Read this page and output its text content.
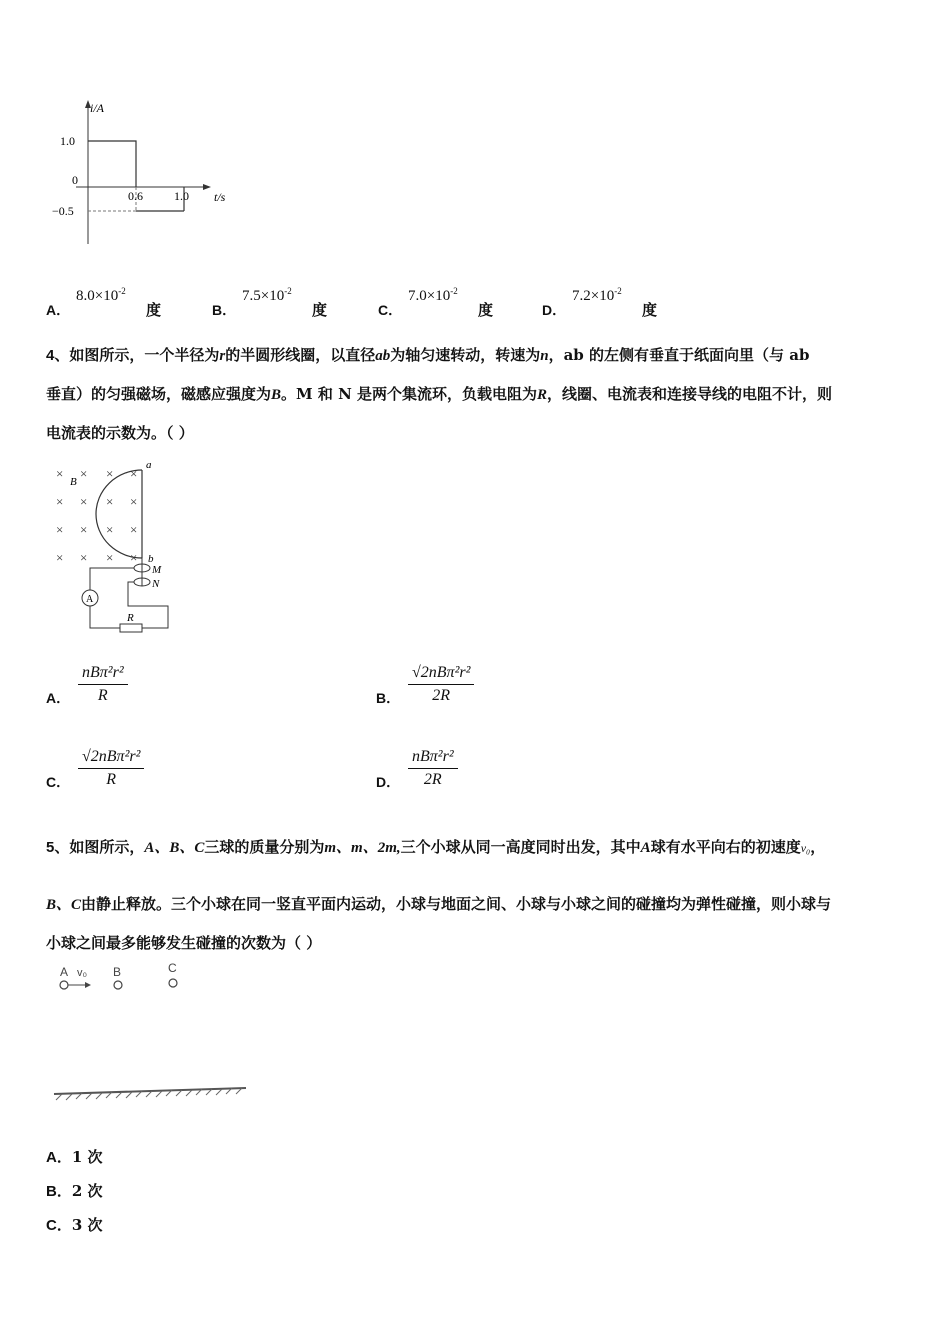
i/A
t/s
1.0
0
−0.5
0.6	1.0
A．
$8.0\times 10^{-2}$
度	B．
$7.5\times 10^{-2}$
度	C．
$7.0\times 10^{-2}$
度	D．
$7.2\times 10^{-2}$
度
4、如图所示，一个半径为r的半圆形线圈，以直径ab为轴匀速转动，转速为n，ab 的左侧有垂直于纸面向里（与 ab
垂直）的匀强磁场，磁感应强度为B。M 和 N 是两个集流环，负载电阻为R，线圈、电流表和连接导线的电阻不计，则
电流表的示数为。（ ）
× × × ×
× × × ×
× × × ×
× × × ×
B
a
b
M
N
A
R
A．
nBπ²r²
R	B．
√2nBπ²r²
2R
C．
√2nBπ²r²
R	D．
nBπ²r²
2R
5、如图所示，A、B、C三球的质量分别为m、m、2m,三个小球从同一高度同时出发，其中A球有水平向右的初速度v₀，
B、C由静止释放。三个小球在同一竖直平面内运动，小球与地面之间、小球与小球之间的碰撞均为弹性碰撞，则小球与
小球之间最多能够发生碰撞的次数为（ ）
A v₀ B	C
A．1 次
B．2 次
C．3 次
